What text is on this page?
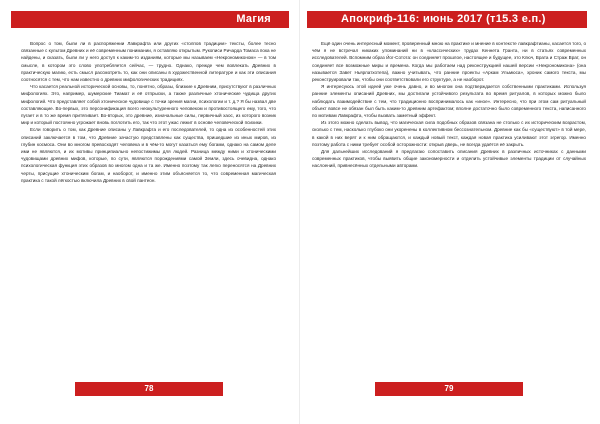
Магия

Вопрос о том, были ли в распоряжении Лавкрафта или других «столпов традиции» тексты, более тесно связанные с культом Древних и её современным понимании, я оставляю открытым. Рукописи Ричарда Томаса пока не найдены, и сказать, были ли у него доступ к каким-то изданиям, которые мы называем «Некрономиконом» — в том смысле, в котором это слово употребляется сейчас, — трудно. Однако, прежде чем вовлекать Древних в практическую магию, есть смысл рассмотреть то, как они описаны в художественной литературе и как эти описания соотносятся с тем, что нам известно о древних мифологических традициях.

Что касается реальной исторической основы, то, понятно, образы, близкие к Древним, присутствуют в различных мифологиях. Это, например, шумерские Тиамат и её отпрыски, а также различные хтонические чудища других мифологий. Что представляет собой хтоническое чудовище с точки зрения магии, психологии и т. д.? Я бы назвал две составляющие. Во-первых, это персонификация всего неокультуренного человеком и противостоящего ему, того, что пугает и в то же время притягивает. Во-вторых, это древние, изначальные силы, первичный хаос, из которого возник мир и который постоянно угрожает вновь поглотить его, так что этот ужас лежит в основе человеческой психики.

Если говорить о том, как Древние описаны у Лавкрафта и его последователей, то одна из особенностей этих описаний заключается в том, что Древние зачастую представлены как существа, пришедшие из иных миров, из глубин космоса. Они во многом превосходят человека и в чём-то могут казаться ему богами, однако на самом деле ими не являются, и их мотивы принципиально непостижимы для людей. Разница между ними и хтоническими чудовищами древних мифов, которые, по сути, являются порождениями самой Земли, здесь очевидна, однако психологическая функция этих образов во многом одна и та же. Именно поэтому так легко переносятся на Древних черты, присущие хтоническим богам, и наоборот, и именно этим объясняется то, что современная магическая практика с такой лёгкостью включила Древних в свой пантеон.

78
Апокриф-116: июнь 2017 (т15.3 е.п.)

Ещё один очень интересный момент, проверенный мною на практике и мнение в контексте лавкрафтианы, касается того, о чём я не встречал никаких упоминаний ни в «классических» трудах Кеннета Гранта, ни в статьях современных исследователей. Вспомним образ Йог-Сотота: он соединяет прошлое, настоящее и будущее, это Ключ, Врата и Страж Врат, он соединяет все возможные миры и времена. Когда мы работаем над реконструкцией нашей версии «Некрономикона» (она называется Завет Ньярлатхотепа), важно учитывать, что ранние проекты «Аркам Ульмюса», хроник самого текста, мы реконструировали так, чтобы они соответствовали его структуре, а не наоборот.

Я интересуюсь этой идеей уже очень давно, и во многом она подтверждается собственными практиками. Используя ранние элементы описаний Древних, мы достигали устойчивого результата во время ритуалов, в которых можно было наблюдать взаимодействие с тем, что традиционно воспринималось как «иное». Интересно, что при этом сам ритуальный объект вовсе не обязан был быть каким-то древним артефактом; вполне достаточно было современного текста, написанного по мотивам Лавкрафта, чтобы вызвать заметный эффект.

Из этого можно сделать вывод, что магическая сила подобных образов связана не столько с их историческим возрастом, сколько с тем, насколько глубоко они укоренены в коллективном бессознательном. Древние как бы «существуют» в той мере, в какой в них верят и к ним обращаются, и каждый новый текст, каждая новая практика усиливают этот эгрегор. Именно поэтому работа с ними требует особой осторожности: открыв дверь, не всегда удаётся её закрыть.

Для дальнейших исследований я предлагаю сопоставить описания Древних в различных источниках с данными современных практиков, чтобы выявить общие закономерности и отделить устойчивые элементы традиции от случайных наслоений, привнесённых отдельными авторами.

79
